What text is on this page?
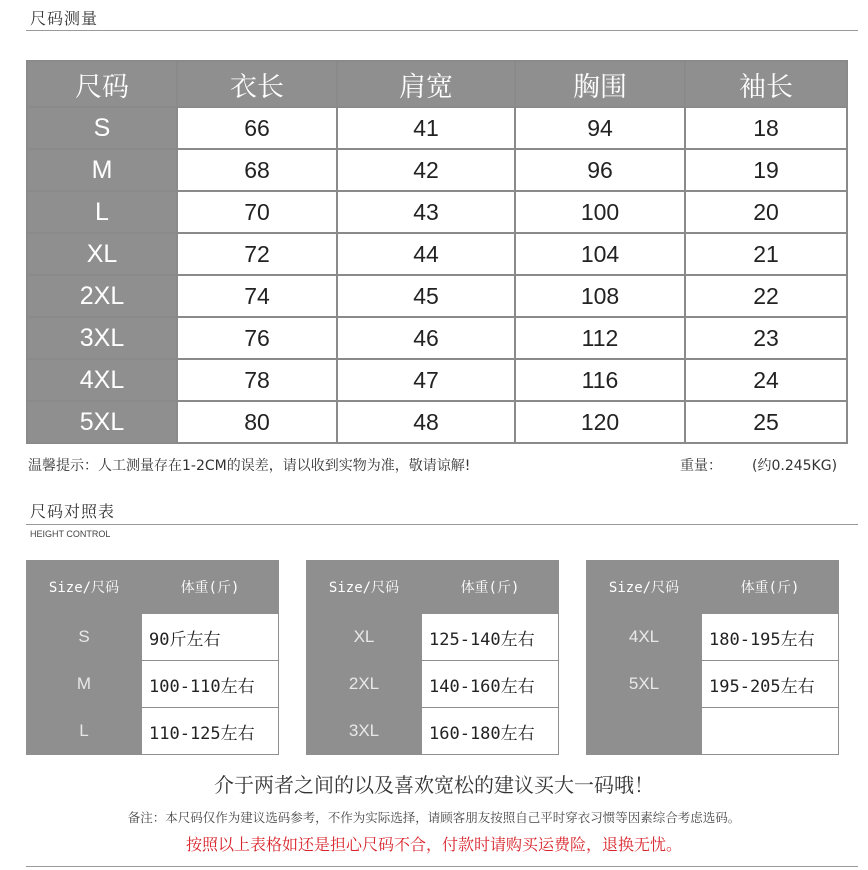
尺码测量
尺码	衣长	肩宽	胸围	袖长
S	66	41	94	18
M	68	42	96	19
L	70	43	100	20
XL	72	44	104	21
2XL	74	45	108	22
3XL	76	46	112	23
4XL	78	47	116	24
5XL	80	48	120	25
温馨提示：人工测量存在1-2CM的误差，请以收到实物为准，敬请谅解!	重量： (约0.245KG)
尺码对照表
HEIGHT CONTROL
Size/尺码	体重(斤)
S	90斤左右
M	100-110左右
L	110-125左右
Size/尺码	体重(斤)
XL	125-140左右
2XL	140-160左右
3XL	160-180左右
Size/尺码	体重(斤)
4XL	180-195左右
5XL	195-205左右

介于两者之间的以及喜欢宽松的建议买大一码哦！
备注：本尺码仅作为建议选码参考，不作为实际选择，请顾客朋友按照自己平时穿衣习惯等因素综合考虑选码。
按照以上表格如还是担心尺码不合，付款时请购买运费险，退换无忧。
